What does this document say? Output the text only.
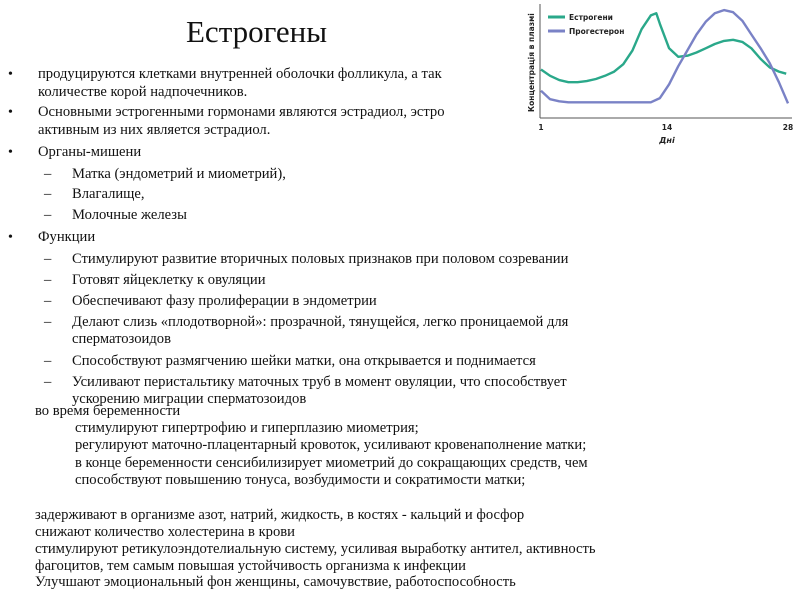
Естрогены
• продуцируются клетками внутренней оболочки фолликула, а так
количестве корой надпочечников.
• Основными эстрогенными гормонами являются эстрадиол, эстро
активным из них является эстрадиол.
• Органы-мишени
– Матка (эндометрий и миометрий),
– Влагалище,
– Молочные железы
• Функции
– Стимулируют развитие вторичных половых признаков при половом созревании
– Готовят яйцеклетку к овуляции
– Обеспечивают фазу пролиферации в эндометрии
– Делают слизь «плодотворной»: прозрачной, тянущейся, легко проницаемой для
сперматозоидов
– Способствуют размягчению шейки матки, она открывается и поднимается
– Усиливают перистальтику маточных труб в момент овуляции, что способствует
ускорению миграции сперматозоидов
во время беременности
стимулируют гипертрофию и гиперплазию миометрия;
регулируют маточно-плацентарный кровоток, усиливают кровенаполнение матки;
в конце беременности сенсибилизирует миометрий до сокращающих средств, чем
способствуют повышению тонуса, возбудимости и сократимости матки;
задерживают в организме азот, натрий, жидкость, в костях - кальций и фосфор
снижают количество холестерина в крови
стимулируют ретикулоэндотелиальную систему, усиливая выработку антител, активность
фагоцитов, тем самым повышая устойчивость организма к инфекции
Улучшают эмоциональный фон женщины, самочувствие, работоспособность
Концентрація в плазмі
1	14	28
Дні
Естрогени
Прогестерон
